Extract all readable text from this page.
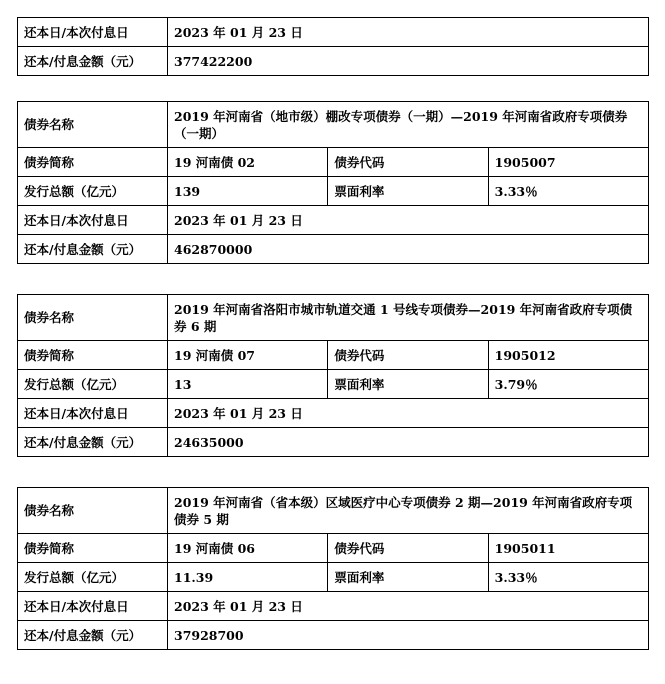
还本日/本次付息日	2023 年 01 月 23 日
还本/付息金额（元）	377422200
债券名称	2019 年河南省（地市级）棚改专项债券（一期）—2019 年河南省政府专项债券（一期）		
债券简称	19 河南债 02	债券代码	1905007
发行总额（亿元）	139	票面利率	3.33％
还本日/本次付息日	2023 年 01 月 23 日		
还本/付息金额（元）	462870000		
债券名称	2019 年河南省洛阳市城市轨道交通 1 号线专项债券—2019 年河南省政府专项债券 6 期		
债券简称	19 河南债 07	债券代码	1905012
发行总额（亿元）	13	票面利率	3.79％
还本日/本次付息日	2023 年 01 月 23 日		
还本/付息金额（元）	24635000		
债券名称	2019 年河南省（省本级）区域医疗中心专项债券 2 期—2019 年河南省政府专项债券 5 期		
债券简称	19 河南债 06	债券代码	1905011
发行总额（亿元）	11.39	票面利率	3.33％
还本日/本次付息日	2023 年 01 月 23 日		
还本/付息金额（元）	37928700		
